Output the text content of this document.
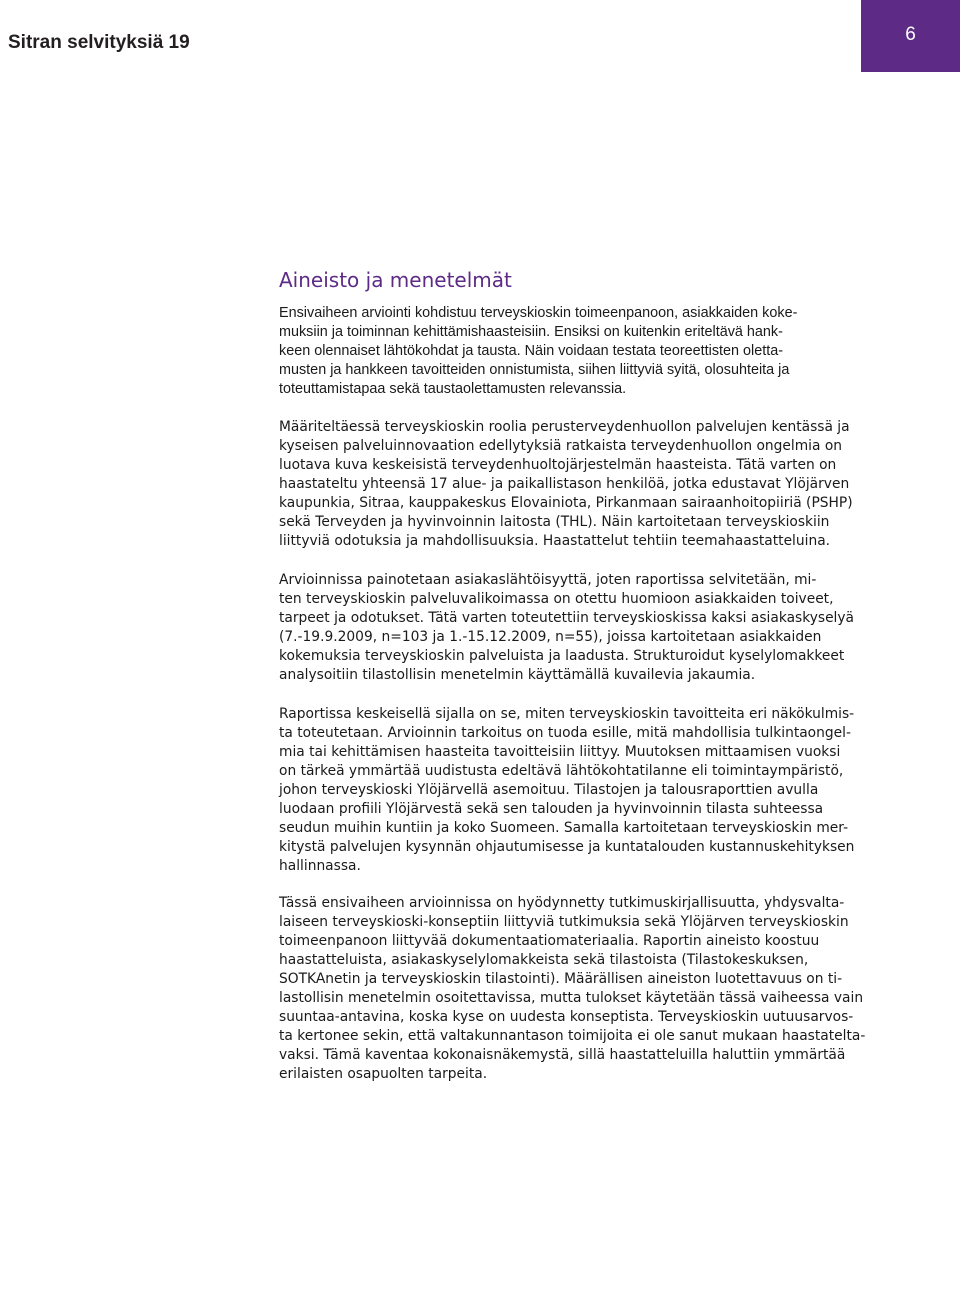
Sitran selvityksiä 19	6
Aineisto ja menetelmät
Ensivaiheen arviointi kohdistuu terveyskioskin toimeenpanoon, asiakkaiden koke-
muksiin ja toiminnan kehittämishaasteisiin. Ensiksi on kuitenkin eriteltävä hank-
keen olennaiset lähtökohdat ja tausta. Näin voidaan testata teoreettisten oletta-
musten ja hankkeen tavoitteiden onnistumista, siihen liittyviä syitä, olosuhteita ja
toteuttamistapaa sekä taustaolettamusten relevanssia.
Määriteltäessä terveyskioskin roolia perusterveydenhuollon palvelujen kentässä ja
kyseisen palveluinnovaation edellytyksiä ratkaista terveydenhuollon ongelmia on
luotava kuva keskeisistä terveydenhuoltojärjestelmän haasteista. Tätä varten on
haastateltu yhteensä 17 alue- ja paikallistason henkilöä, jotka edustavat Ylöjärven
kaupunkia, Sitraa, kauppakeskus Elovainiota, Pirkanmaan sairaanhoitopiiriä (PSHP)
sekä Terveyden ja hyvinvoinnin laitosta (THL). Näin kartoitetaan terveyskioskiin
liittyviä odotuksia ja mahdollisuuksia. Haastattelut tehtiin teemahaastatteluina.
Arvioinnissa painotetaan asiakaslähtöisyyttä, joten raportissa selvitetään, mi-
ten terveyskioskin palveluvalikoimassa on otettu huomioon asiakkaiden toiveet,
tarpeet ja odotukset. Tätä varten toteutettiin terveyskioskissa kaksi asiakaskyselyä
(7.-19.9.2009, n=103 ja 1.-15.12.2009, n=55), joissa kartoitetaan asiakkaiden
kokemuksia terveyskioskin palveluista ja laadusta. Strukturoidut kyselylomakkeet
analysoitiin tilastollisin menetelmin käyttämällä kuvailevia jakaumia.
Raportissa keskeisellä sijalla on se, miten terveyskioskin tavoitteita eri näkökulmis-
ta toteutetaan. Arvioinnin tarkoitus on tuoda esille, mitä mahdollisia tulkintaongel-
mia tai kehittämisen haasteita tavoitteisiin liittyy. Muutoksen mittaamisen vuoksi
on tärkeä ymmärtää uudistusta edeltävä lähtökohtatilanne eli toimintaympäristö,
johon terveyskioski Ylöjärvellä asemoituu. Tilastojen ja talousraporttien avulla
luodaan profiili Ylöjärvestä sekä sen talouden ja hyvinvoinnin tilasta suhteessa
seudun muihin kuntiin ja koko Suomeen. Samalla kartoitetaan terveyskioskin mer-
kitystä palvelujen kysynnän ohjautumisesse ja kuntatalouden kustannuskehityksen
hallinnassa.
Tässä ensivaiheen arvioinnissa on hyödynnetty tutkimuskirjallisuutta, yhdysvalta-
laiseen terveyskioski-konseptiin liittyviä tutkimuksia sekä Ylöjärven terveyskioskin
toimeenpanoon liittyvää dokumentaatiomateriaalia. Raportin aineisto koostuu
haastatteluista, asiakaskyselylomakkeista sekä tilastoista (Tilastokeskuksen,
SOTKAnetin ja terveyskioskin tilastointi). Määrällisen aineiston luotettavuus on ti-
lastollisin menetelmin osoitettavissa, mutta tulokset käytetään tässä vaiheessa vain
suuntaa-antavina, koska kyse on uudesta konseptista. Terveyskioskin uutuusarvos-
ta kertonee sekin, että valtakunnantason toimijoita ei ole sanut mukaan haastatelta-
vaksi. Tämä kaventaa kokonaisnäkemystä, sillä haastatteluilla haluttiin ymmärtää
erilaisten osapuolten tarpeita.
